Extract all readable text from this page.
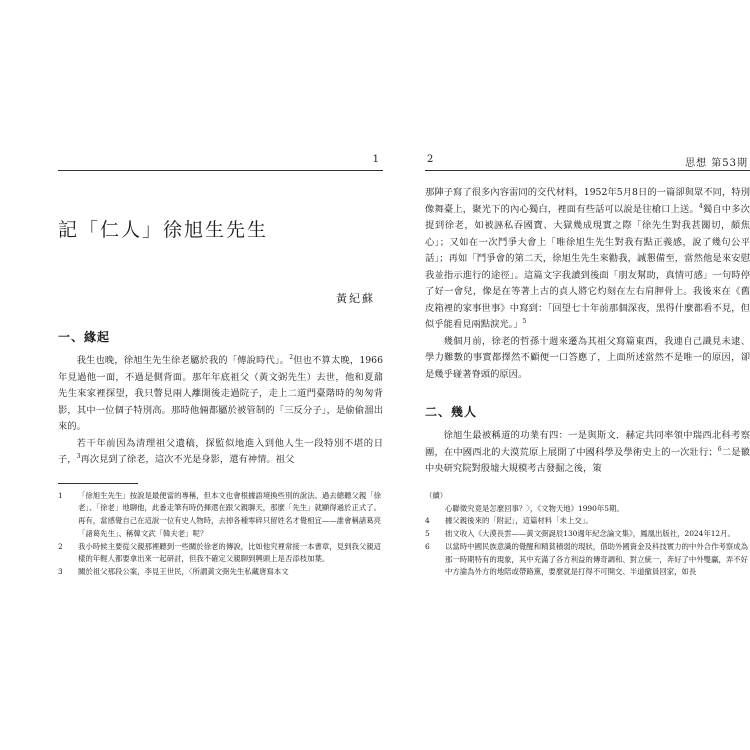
1
記「仁人」徐旭生先生
黃紀蘇
一、緣起

我生也晚，徐旭生先生徐老屬於我的「傳說時代」。$^2$但也不算太晚，1966年見過他一面，不過是側背面。那年年底祖父（黃文弼先生）去世，他和夏鼐先生來家裡探望，我只瞥見兩人離開後走過院子，走上二道門臺階時的匆匆背影，其中一位個子特別高。那時他倆都屬於被管制的「三反分子」，是偷偷溜出來的。

若干年前因為清理祖父遺稿，探監似地進入到他人生一段特別不堪的日子，$^3$再次見到了徐老，這次不光是身影，還有神情。祖父

1	「徐旭生先生」按說是最便當的專稱，但本文也會根據語境換些別的說法。過去總聽父親「徐老」、「徐老」地聊他，此番走筆有時仍揮還在跟父親聊天，那麼「先生」就顯得過於正式了。再有，當感覺自己在這說一位有史人物時，去掉各種零碎只留姓名才覺相宜——誰會稱諸葛亮「諸葛先生」、稱韓文武「韓夫老」呢？
2	我小時候主要從父親那裡聽到一些關於徐老的傳說，比如他究裡常接一本書章，見到我父親這樣的年輕人都要拿出來一起研討，但我不確定父親聊到興頭上是否添枝加葉。
3	關於祖父那段公案，李見王世民，〈所謂黃文弼先生私藏唐寫本文
2	思想 第53期

那陣子寫了很多內容雷同的交代材料，1952年5月8日的一篇卻與眾不同，特別像舞臺上，聚光下的內心獨白，裡面有些話可以說是往槍口上送。$^4$獨自中多次提到徐老，如被誣私吞國寶、大獄幾成現實之際「徐先生對我甚關切，頗焦心」；又如在一次鬥爭大會上「唯徐旭生先生對我有點正義感，說了幾句公平話」；再如「鬥爭會的第二天，徐旭生先生來勸我，誠懇備至，當然他是來安慰我並指示進行的途徑」。這篇文字我讀到後面「朋友幫助，真情可感」一句時停了好一會兒，像是在等著上古的貞人將它灼刻在左右肩胛骨上。我後來在《舊皮箱裡的家事世事》中寫到：「回望七十年前那個深夜，黑得什麼都看不見，但似乎能看見兩點淚光。」$^5$

幾個月前，徐老的哲孫十週來遷為其祖父寫篇東西，我連自己識見未逮、學力難數的事實都擇然不顧便一口答應了，上面所述當然不是唯一的原因，卻是幾乎碰著脊頭的原因。

二、幾人

徐旭生最被稱道的功業有四：一是與斯文．赫定共同率領中瑞西北科考察團，在中國西北的大漠荒原上展開了中國科學及學術史上的一次壯行；$^6$二是徽中央研究院對殷墟大規模考古發掘之後，策

（續）
心聯徵究竟是怎麼回事？〉，《文物天地》1990年5期。
4	據父親後來的「附記」，這篇材料「未上交」。
5	拙文收入《大漠長雲——黃文弼誕辰130週年紀念論文集》，鳳凰出版社，2024年12月。
6	以當時中國民族意識的覺醒和精貧積弱的現狀，借助外國資金及科技實力的中外合作考察成為那一時期特有的現象，其中充滿了各方利益的傳奇調和、對立統一，奔好了中外雙贏，弄不好中方淪為外方的地陪或帶路黨，要麼就是打得不可開交、半道撤員回家，如長
